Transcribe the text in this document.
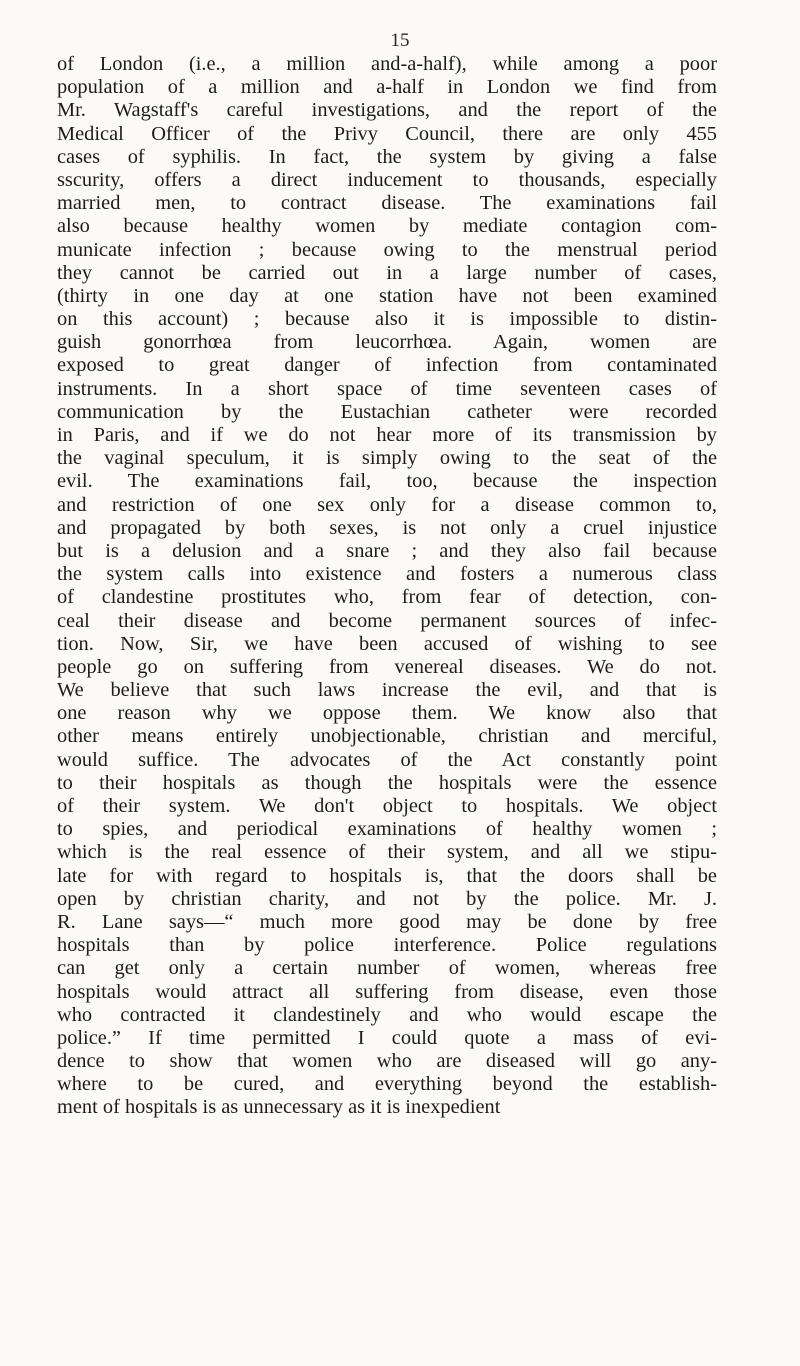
15
of London (i.e., a million and-a-half), while among a poor
population of a million and a-half in London we find from
Mr. Wagstaff's careful investigations, and the report of the
Medical Officer of the Privy Council, there are only 455
cases of syphilis. In fact, the system by giving a false
sscurity, offers a direct inducement to thousands, especially
married men, to contract disease. The examinations fail
also because healthy women by mediate contagion com-
municate infection ; because owing to the menstrual period
they cannot be carried out in a large number of cases,
(thirty in one day at one station have not been examined
on this account) ; because also it is impossible to distin-
guish gonorrhœa from leucorrhœa. Again, women are
exposed to great danger of infection from contaminated
instruments. In a short space of time seventeen cases of
communication by the Eustachian catheter were recorded
in Paris, and if we do not hear more of its transmission by
the vaginal speculum, it is simply owing to the seat of the
evil. The examinations fail, too, because the inspection
and restriction of one sex only for a disease common to,
and propagated by both sexes, is not only a cruel injustice
but is a delusion and a snare ; and they also fail because
the system calls into existence and fosters a numerous class
of clandestine prostitutes who, from fear of detection, con-
ceal their disease and become permanent sources of infec-
tion. Now, Sir, we have been accused of wishing to see
people go on suffering from venereal diseases. We do not.
We believe that such laws increase the evil, and that is
one reason why we oppose them. We know also that
other means entirely unobjectionable, christian and merciful,
would suffice. The advocates of the Act constantly point
to their hospitals as though the hospitals were the essence
of their system. We don't object to hospitals. We object
to spies, and periodical examinations of healthy women ;
which is the real essence of their system, and all we stipu-
late for with regard to hospitals is, that the doors shall be
open by christian charity, and not by the police. Mr. J.
R. Lane says—“ much more good may be done by free
hospitals than by police interference. Police regulations
can get only a certain number of women, whereas free
hospitals would attract all suffering from disease, even those
who contracted it clandestinely and who would escape the
police.” If time permitted I could quote a mass of evi-
dence to show that women who are diseased will go any-
where to be cured, and everything beyond the establish-
ment of hospitals is as unnecessary as it is inexpedient
